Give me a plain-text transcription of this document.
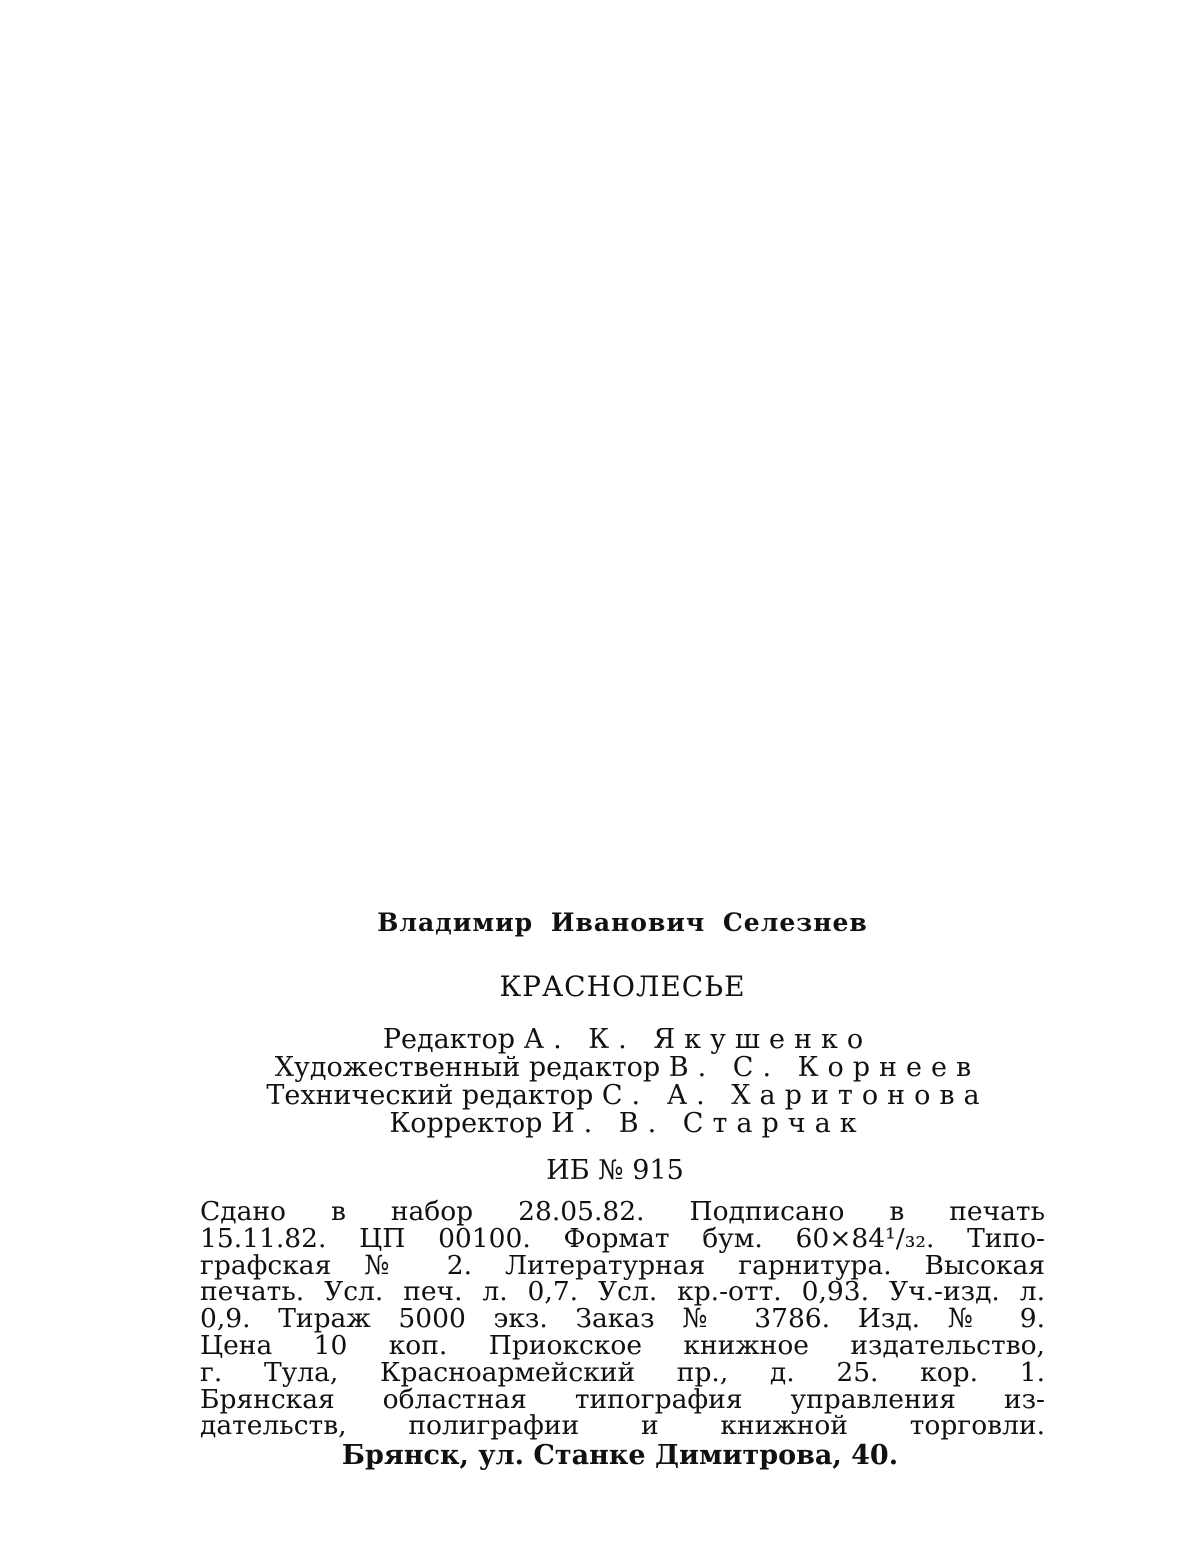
Владимир Иванович Селезнев
КРАСНОЛЕСЬЕ
Редактор А. К. Якушенко
Художественный редактор В. С. Корнеев
Технический редактор С. А. Харитонова
Корректор И. В. Старчак
ИБ № 915
Сдано в набор 28.05.82. Подписано в печать
15.11.82. ЦП 00100. Формат бум. 60×84¹/₃₂. Типо-
графская № 2. Литературная гарнитура. Высокая
печать. Усл. печ. л. 0,7. Усл. кр.-отт. 0,93. Уч.-изд. л.
0,9. Тираж 5000 экз. Заказ № 3786. Изд. № 9.
Цена 10 коп. Приокское книжное издательство,
г. Тула, Красноармейский пр., д. 25. кор. 1.
Брянская областная типография управления из-
дательств, полиграфии и книжной торговли.
Брянск, ул. Станке Димитрова, 40.
